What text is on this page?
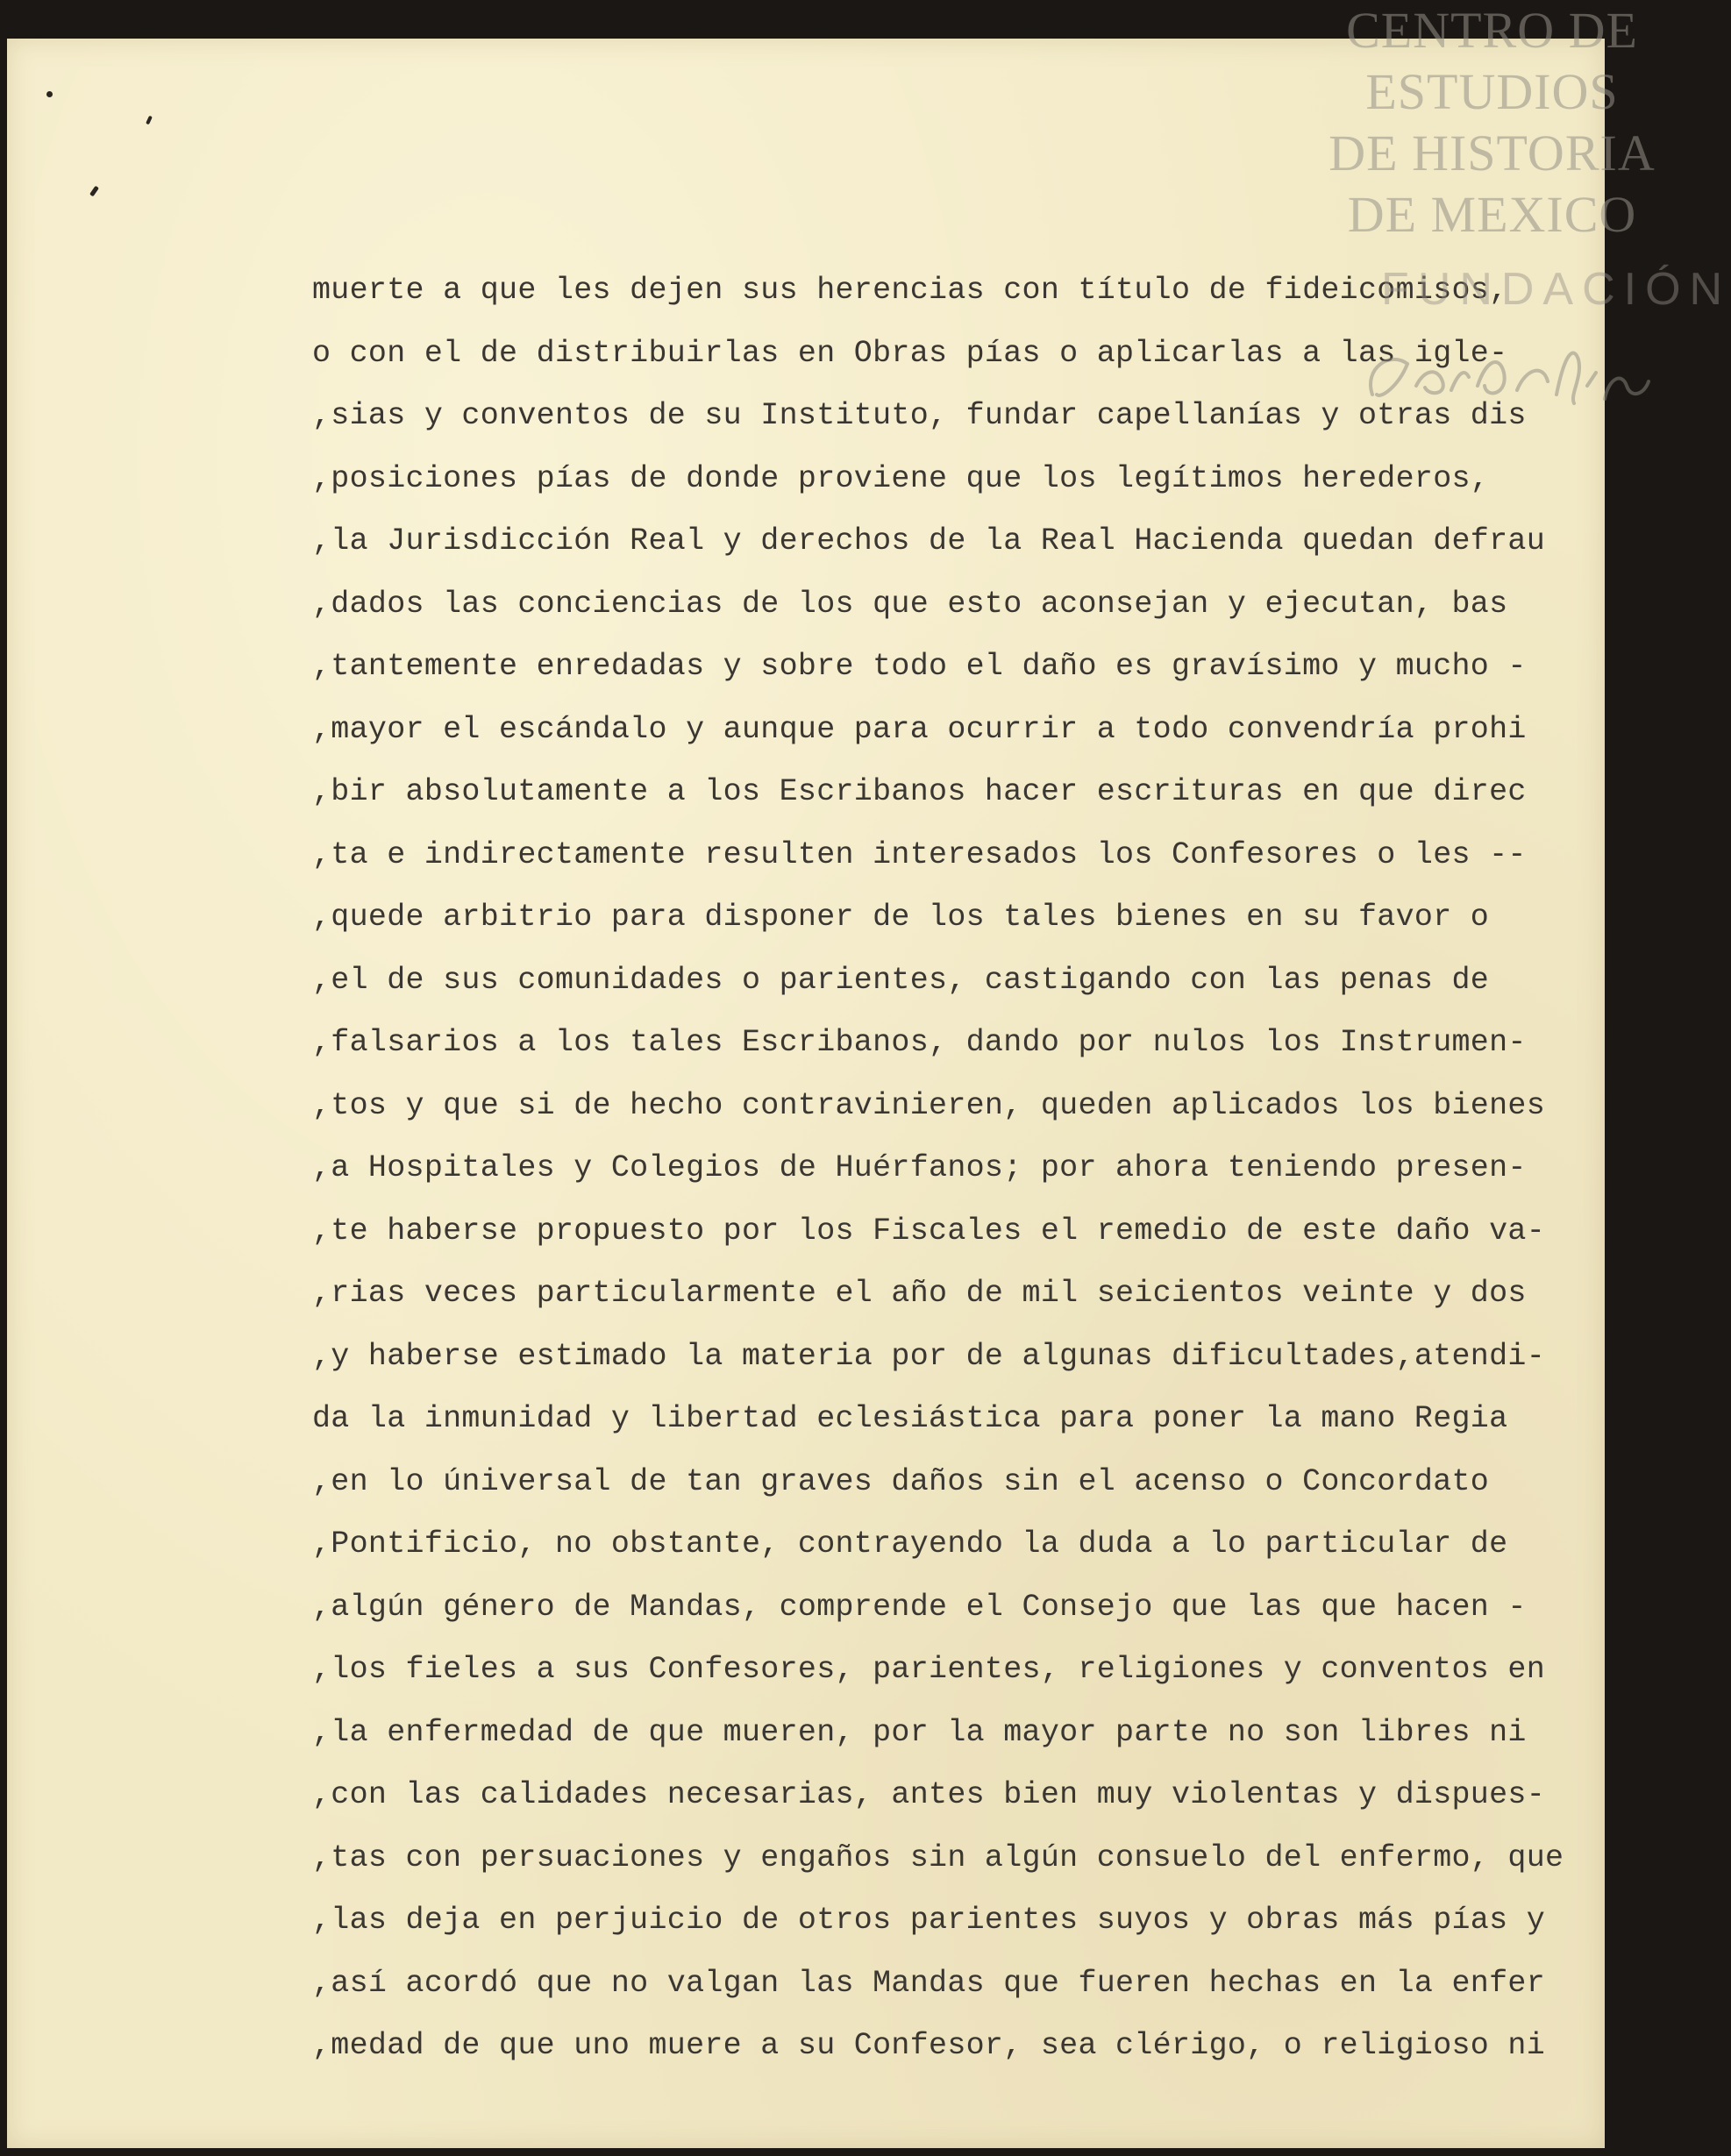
muerte a que les dejen sus herencias con título de fideicomisos,
o con el de distribuirlas en Obras pías o aplicarlas a las igle-
,sias y conventos de su Instituto, fundar capellanías y otras dis
,posiciones pías de donde proviene que los legítimos herederos,
,la Jurisdicción Real y derechos de la Real Hacienda quedan defrau
,dados las conciencias de los que esto aconsejan y ejecutan, bas
,tantemente enredadas y sobre todo el daño es gravísimo y mucho -
,mayor el escándalo y aunque para ocurrir a todo convendría prohi
,bir absolutamente a los Escribanos hacer escrituras en que direc
,ta e indirectamente resulten interesados los Confesores o les --
,quede arbitrio para disponer de los tales bienes en su favor o
,el de sus comunidades o parientes, castigando con las penas de
,falsarios a los tales Escribanos, dando por nulos los Instrumen-
,tos y que si de hecho contravinieren, queden aplicados los bienes
,a Hospitales y Colegios de Huérfanos; por ahora teniendo presen-
,te haberse propuesto por los Fiscales el remedio de este daño va-
,rias veces particularmente el año de mil seicientos veinte y dos
,y haberse estimado la materia por de algunas dificultades,atendi-
da la inmunidad y libertad eclesiástica para poner la mano Regia
,en lo úniversal de tan graves daños sin el acenso o Concordato
,Pontificio, no obstante, contrayendo la duda a lo particular de
,algún género de Mandas, comprende el Consejo que las que hacen -
,los fieles a sus Confesores, parientes, religiones y conventos en
,la enfermedad de que mueren, por la mayor parte no son libres ni
,con las calidades necesarias, antes bien muy violentas y dispues-
,tas con persuaciones y engaños sin algún consuelo del enfermo, que
,las deja en perjuicio de otros parientes suyos y obras más pías y
,así acordó que no valgan las Mandas que fueren hechas en la enfer
,medad de que uno muere a su Confesor, sea clérigo, o religioso ni
CENTRO DE
ESTUDIOS
DE HISTORIA
DE MEXICO
FUNDACIÓN
